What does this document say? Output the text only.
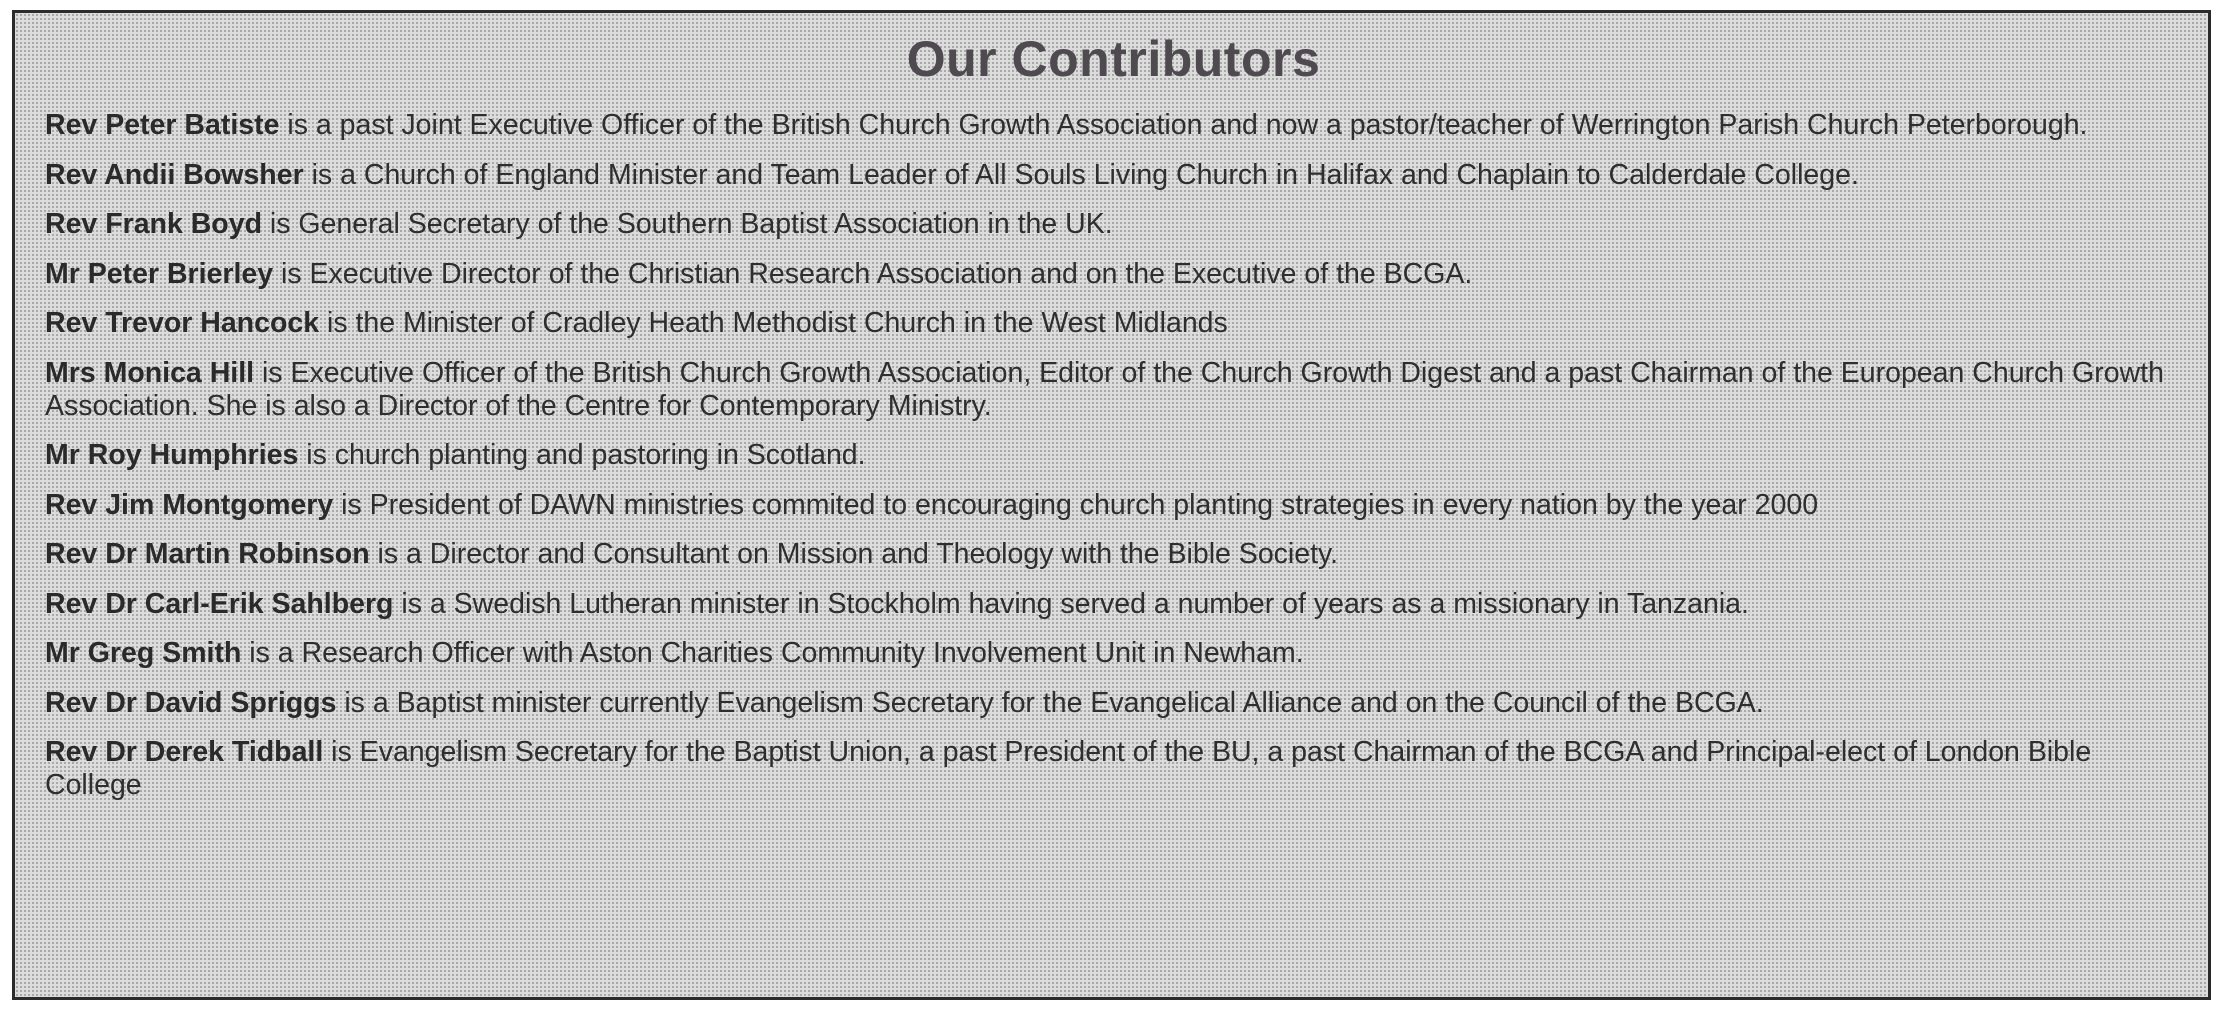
Our Contributors
Rev Peter Batiste is a past Joint Executive Officer of the British Church Growth Association and now a pastor/teacher of Werrington Parish Church Peterborough.
Rev Andii Bowsher is a Church of England Minister and Team Leader of All Souls Living Church in Halifax and Chaplain to Calderdale College.
Rev Frank Boyd is General Secretary of the Southern Baptist Association in the UK.
Mr Peter Brierley is Executive Director of the Christian Research Association and on the Executive of the BCGA.
Rev Trevor Hancock is the Minister of Cradley Heath Methodist Church in the West Midlands
Mrs Monica Hill is Executive Officer of the British Church Growth Association, Editor of the Church Growth Digest and a past Chairman of the European Church Growth Association. She is also a Director of the Centre for Contemporary Ministry.
Mr Roy Humphries is church planting and pastoring in Scotland.
Rev Jim Montgomery is President of DAWN ministries commited to encouraging church planting strategies in every nation by the year 2000
Rev Dr Martin Robinson is a Director and Consultant on Mission and Theology with the Bible Society.
Rev Dr Carl-Erik Sahlberg is a Swedish Lutheran minister in Stockholm having served a number of years as a missionary in Tanzania.
Mr Greg Smith is a Research Officer with Aston Charities Community Involvement Unit in Newham.
Rev Dr David Spriggs is a Baptist minister currently Evangelism Secretary for the Evangelical Alliance and on the Council of the BCGA.
Rev Dr Derek Tidball is Evangelism Secretary for the Baptist Union, a past President of the BU, a past Chairman of the BCGA and Principal-elect of London Bible College
